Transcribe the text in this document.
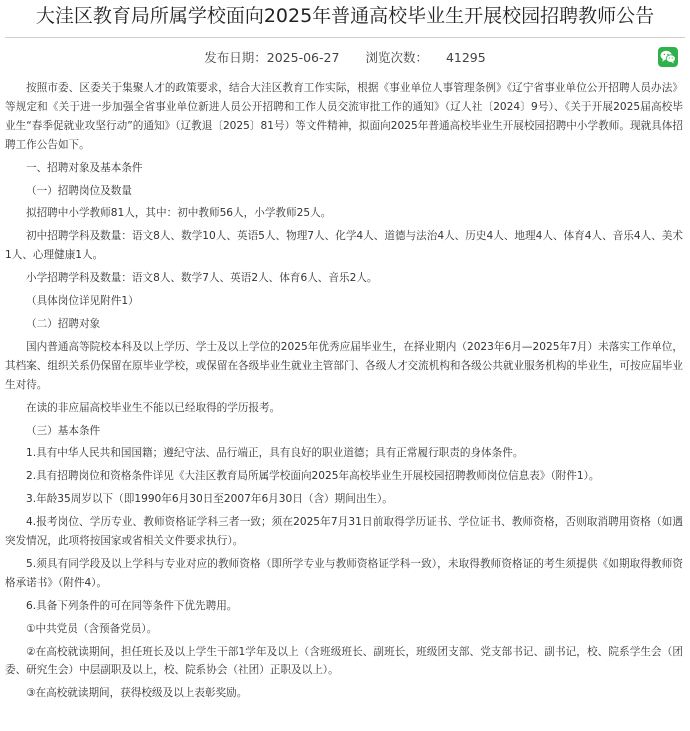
大洼区教育局所属学校面向2025年普通高校毕业生开展校园招聘教师公告
发布日期：2025-06-27 浏览次数： 41295

按照市委、区委关于集聚人才的政策要求，结合大洼区教育工作实际，根据《事业单位人事管理条例》《辽宁省事业单位公开招聘人员办法》等规定和《关于进一步加强全省事业单位新进人员公开招聘和工作人员交流审批工作的通知》（辽人社〔2024〕9号）、《关于开展2025届高校毕业生“春季促就业攻坚行动”的通知》（辽教退〔2025〕81号）等文件精神，拟面向2025年普通高校毕业生开展校园招聘中小学教师。现就具体招聘工作公告如下。

一、招聘对象及基本条件

（一）招聘岗位及数量

拟招聘中小学教师81人，其中：初中教师56人，小学教师25人。

初中招聘学科及数量：语文8人、数学10人、英语5人、物理7人、化学4人、道德与法治4人、历史4人、地理4人、体育4人、音乐4人、美术1人、心理健康1人。

小学招聘学科及数量：语文8人、数学7人、英语2人、体育6人、音乐2人。

（具体岗位详见附件1）

（二）招聘对象

国内普通高等院校本科及以上学历、学士及以上学位的2025年优秀应届毕业生，在择业期内（2023年6月—2025年7月）未落实工作单位，其档案、组织关系仍保留在原毕业学校，或保留在各级毕业生就业主管部门、各级人才交流机构和各级公共就业服务机构的毕业生，可按应届毕业生对待。

在读的非应届高校毕业生不能以已经取得的学历报考。

（三）基本条件

1.具有中华人民共和国国籍；遵纪守法、品行端正，具有良好的职业道德；具有正常履行职责的身体条件。

2.具有招聘岗位和资格条件详见《大洼区教育局所属学校面向2025年高校毕业生开展校园招聘教师岗位信息表》（附件1）。

3.年龄35周岁以下（即1990年6月30日至2007年6月30日（含）期间出生）。

4.报考岗位、学历专业、教师资格证学科三者一致；须在2025年7月31日前取得学历证书、学位证书、教师资格，否则取消聘用资格（如遇突发情况，此项将按国家或省相关文件要求执行）。

5.须具有同学段及以上学科与专业对应的教师资格（即所学专业与教师资格证学科一致），未取得教师资格证的考生须提供《如期取得教师资格承诺书》（附件4）。

6.具备下列条件的可在同等条件下优先聘用。

①中共党员（含预备党员）。

②在高校就读期间，担任班长及以上学生干部1学年及以上（含班级班长、副班长，班级团支部、党支部书记、副书记，校、院系学生会（团委、研究生会）中层副职及以上，校、院系协会（社团）正职及以上）。

③在高校就读期间，获得校级及以上表彰奖励。
